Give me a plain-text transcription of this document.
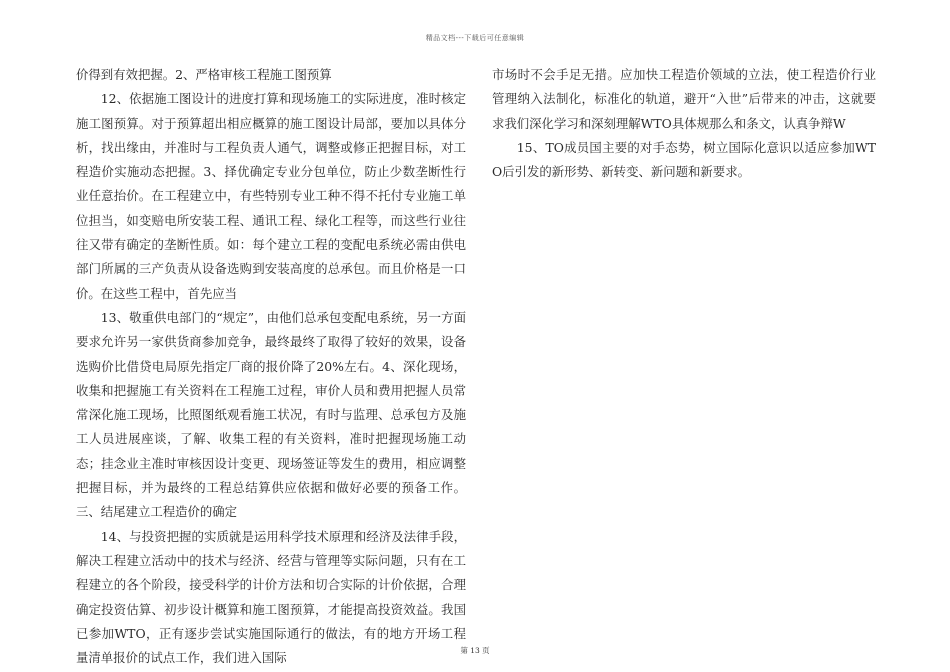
精品文档---下载后可任意编辑

价得到有效把握。2、严格审核工程施工图预算

12、依据施工图设计的进度打算和现场施工的实际进度，准时核定施工图预算。对于预算超出相应概算的施工图设计局部，要加以具体分析，找出缘由，并准时与工程负责人通气，调整或修正把握目标，对工程造价实施动态把握。3、择优确定专业分包单位，防止少数垄断性行业任意抬价。在工程建立中，有些特别专业工种不得不托付专业施工单位担当，如变赔电所安装工程、通讯工程、绿化工程等，而这些行业往往又带有确定的垄断性质。如：每个建立工程的变配电系统必需由供电部门所属的三产负责从设备选购到安装高度的总承包。而且价格是一口价。在这些工程中，首先应当

13、敬重供电部门的“规定”，由他们总承包变配电系统，另一方面要求允许另一家供货商参加竞争，最终最终了取得了较好的效果，设备选购价比借贷电局原先指定厂商的报价降了20%左右。4、深化现场，收集和把握施工有关资料在工程施工过程，审价人员和费用把握人员常常深化施工现场，比照图纸观看施工状况，有时与监理、总承包方及施工人员进展座谈，了解、收集工程的有关资料，准时把握现场施工动态；挂念业主准时审核因设计变更、现场签证等发生的费用，相应调整把握目标，并为最终的工程总结算供应依据和做好必要的预备工作。三、结尾建立工程造价的确定

14、与投资把握的实质就是运用科学技术原理和经济及法律手段，解决工程建立活动中的技术与经济、经营与管理等实际问题，只有在工程建立的各个阶段，接受科学的计价方法和切合实际的计价依据，合理确定投资估算、初步设计概算和施工图预算，才能提高投资效益。我国已参加WTO，正有逐步尝试实施国际通行的做法，有的地方开场工程量清单报价的试点工作，我们进入国际

市场时不会手足无措。应加快工程造价领域的立法，使工程造价行业管理纳入法制化，标准化的轨道，避开“入世”后带来的冲击，这就要求我们深化学习和深刻理解WTO具体规那么和条文，认真争辩W

15、TO成员国主要的对手态势，树立国际化意识以适应参加WTO后引发的新形势、新转变、新问题和新要求。

第 13 页
